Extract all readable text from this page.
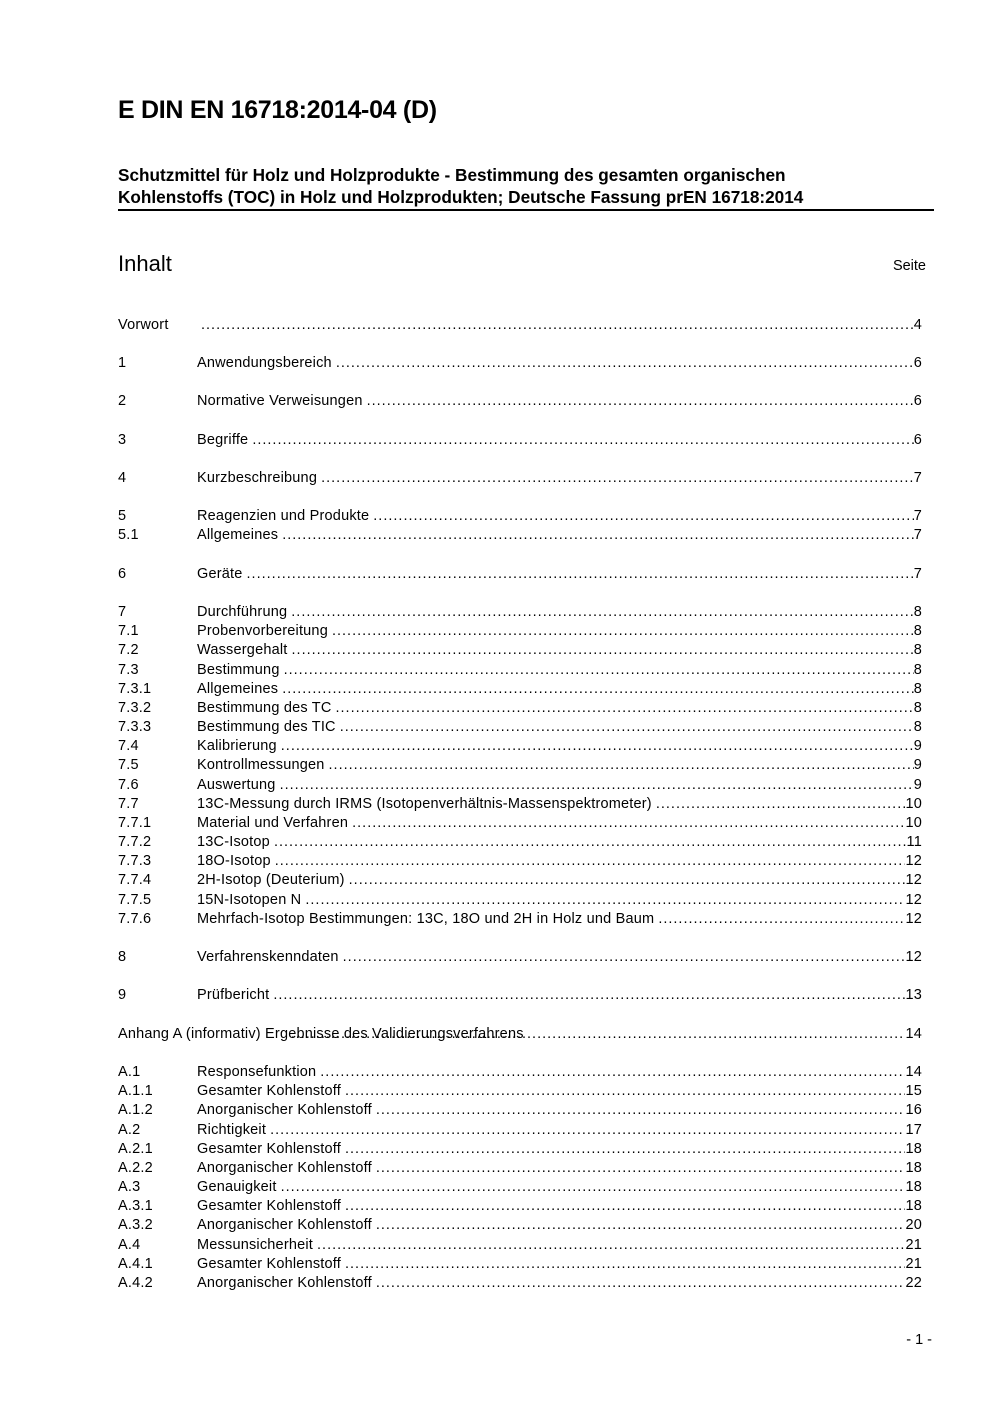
E DIN EN 16718:2014-04 (D)
Schutzmittel für Holz und Holzprodukte - Bestimmung des gesamten organischen
Kohlenstoffs (TOC) in Holz und Holzprodukten; Deutsche Fassung prEN 16718:2014
Inhalt	Seite
Vorwort .....	4
1	Anwendungsbereich .....	6
2	Normative Verweisungen .....	6
3	Begriffe .....	6
4	Kurzbeschreibung .....	7
5	Reagenzien und Produkte .....	7
5.1	Allgemeines .....	7
6	Geräte .....	7
7	Durchführung .....	8
7.1	Probenvorbereitung .....	8
7.2	Wassergehalt .....	8
7.3	Bestimmung .....	8
7.3.1	Allgemeines .....	8
7.3.2	Bestimmung des TC .....	8
7.3.3	Bestimmung des TIC .....	8
7.4	Kalibrierung .....	9
7.5	Kontrollmessungen .....	9
7.6	Auswertung .....	9
7.7	13C-Messung durch IRMS (Isotopenverhältnis-Massenspektrometer) .....	10
7.7.1	Material und Verfahren .....	10
7.7.2	13C-Isotop .....	11
7.7.3	18O-Isotop .....	12
7.7.4	2H-Isotop (Deuterium) .....	12
7.7.5	15N-Isotopen N .....	12
7.7.6	Mehrfach-Isotop Bestimmungen: 13C, 18O und 2H in Holz und Baum .....	12
8	Verfahrenskenndaten .....	12
9	Prüfbericht .....	13
Anhang A (informativ) Ergebnisse des Validierungsverfahrens .....	14
A.1	Responsefunktion .....	14
A.1.1	Gesamter Kohlenstoff .....	15
A.1.2	Anorganischer Kohlenstoff .....	16
A.2	Richtigkeit .....	17
A.2.1	Gesamter Kohlenstoff .....	18
A.2.2	Anorganischer Kohlenstoff .....	18
A.3	Genauigkeit .....	18
A.3.1	Gesamter Kohlenstoff .....	18
A.3.2	Anorganischer Kohlenstoff .....	20
A.4	Messunsicherheit .....	21
A.4.1	Gesamter Kohlenstoff .....	21
A.4.2	Anorganischer Kohlenstoff .....	22
- 1 -
